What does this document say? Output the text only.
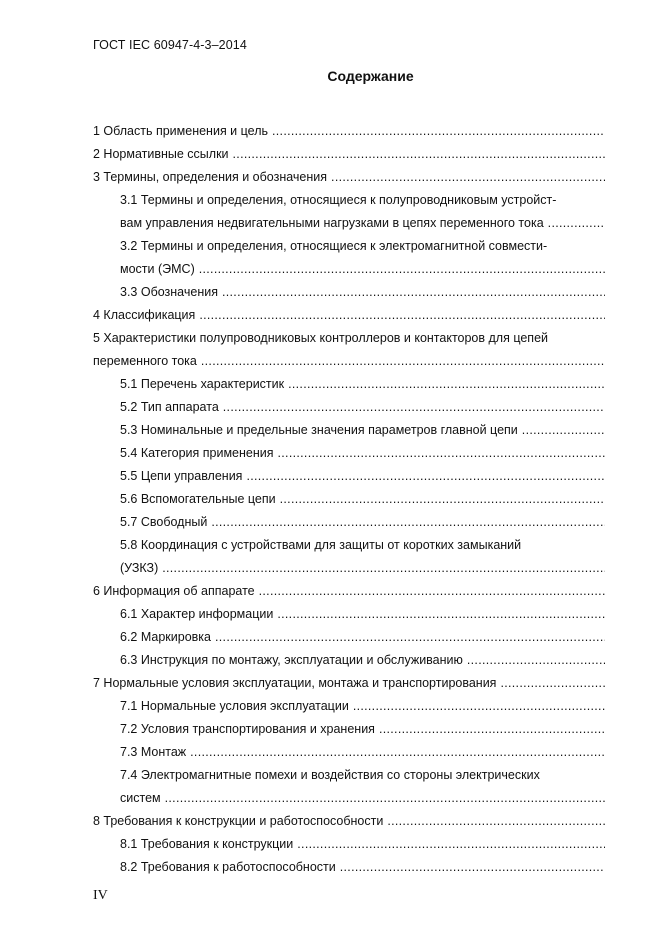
ГОСТ IEC 60947-4-3–2014
Содержание
1 Область применения и цель
.....
2 Нормативные ссылки
.....
3 Термины, определения и обозначения
.....
3.1 Термины и определения, относящиеся к полупроводниковым устройст-
вам управления недвигательными нагрузками в цепях переменного тока
.....
3.2 Термины и определения, относящиеся к электромагнитной совмести-
мости (ЭМС)
.....
3.3 Обозначения
.....
4 Классификация
.....
5 Характеристики полупроводниковых контроллеров и контакторов для цепей
переменного тока
.....
5.1 Перечень характеристик
.....
5.2 Тип аппарата
.....
5.3 Номинальные и предельные значения параметров главной цепи
.....
5.4 Категория применения
.....
5.5 Цепи управления
.....
5.6 Вспомогательные цепи
.....
5.7 Свободный
.....
5.8 Координация с устройствами для защиты от коротких замыканий
(УЗКЗ)
.....
6 Информация об аппарате
.....
6.1 Характер информации
.....
6.2 Маркировка
.....
6.3 Инструкция по монтажу, эксплуатации и обслуживанию
.....
7 Нормальные условия эксплуатации, монтажа и транспортирования
.....
7.1 Нормальные условия эксплуатации
.....
7.2 Условия транспортирования и хранения
.....
7.3 Монтаж
.....
7.4 Электромагнитные помехи и воздействия со стороны электрических
систем
.....
8 Требования к конструкции и работоспособности
.....
8.1 Требования к конструкции
.....
8.2 Требования к работоспособности
.....
IV
